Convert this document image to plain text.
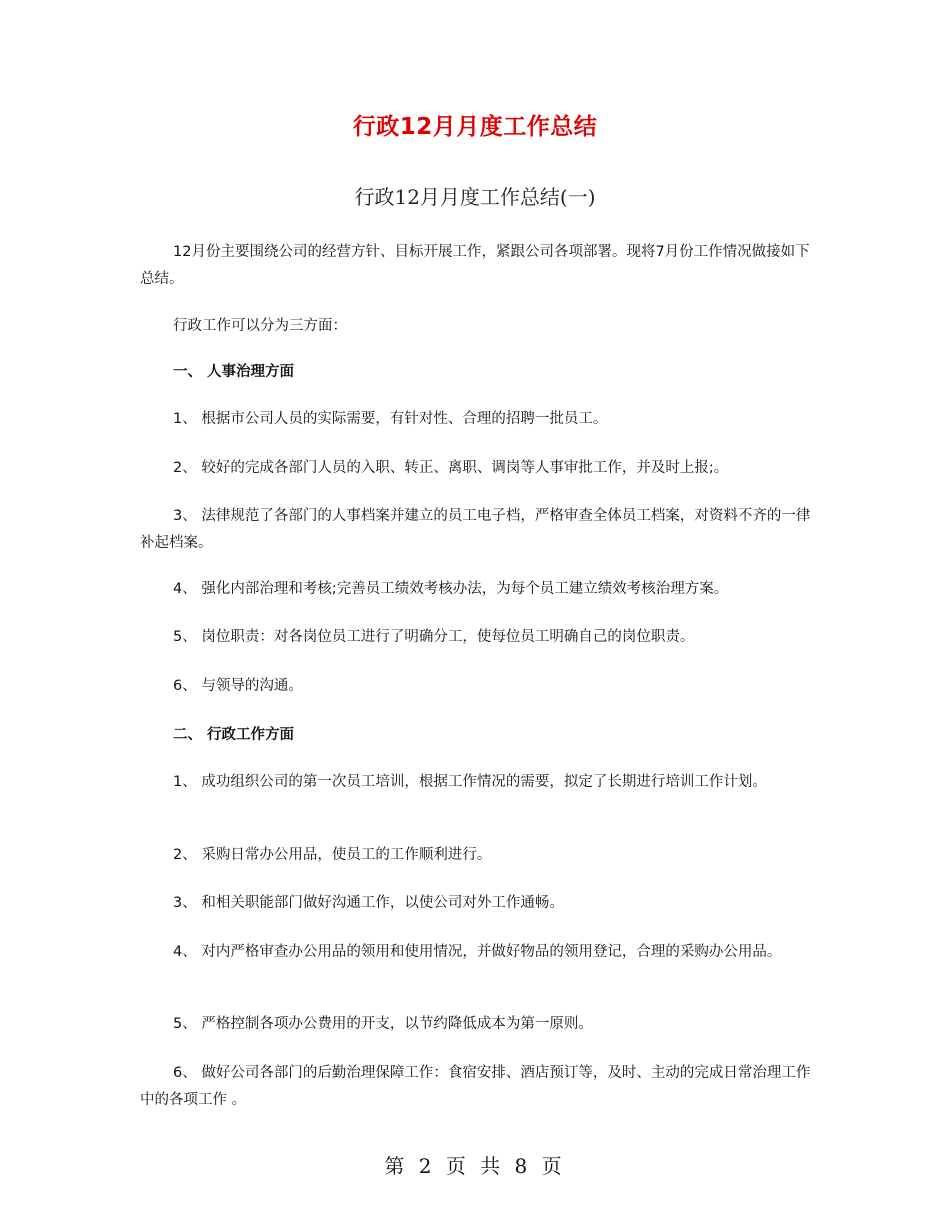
行政12月月度工作总结
行政12月月度工作总结(一)

12月份主要围绕公司的经营方针、目标开展工作，紧跟公司各项部署。现将7月份工作情况做接如下总结。

行政工作可以分为三方面：

一、 人事治理方面

1、 根据市公司人员的实际需要，有针对性、合理的招聘一批员工。

2、 较好的完成各部门人员的入职、转正、离职、调岗等人事审批工作，并及时上报;。

3、 法律规范了各部门的人事档案并建立的员工电子档，严格审查全体员工档案，对资料不齐的一律补起档案。

4、 强化内部治理和考核;完善员工绩效考核办法，为每个员工建立绩效考核治理方案。

5、 岗位职责：对各岗位员工进行了明确分工，使每位员工明确自己的岗位职责。

6、 与领导的沟通。

二、 行政工作方面

1、 成功组织公司的第一次员工培训，根据工作情况的需要，拟定了长期进行培训工作计划。

2、 采购日常办公用品，使员工的工作顺利进行。

3、 和相关职能部门做好沟通工作，以使公司对外工作通畅。

4、 对内严格审查办公用品的领用和使用情况，并做好物品的领用登记，合理的采购办公用品。

5、 严格控制各项办公费用的开支，以节约降低成本为第一原则。

6、 做好公司各部门的后勤治理保障工作：食宿安排、酒店预订等，及时、主动的完成日常治理工作中的各项工作 。

第 2 页 共 8 页
